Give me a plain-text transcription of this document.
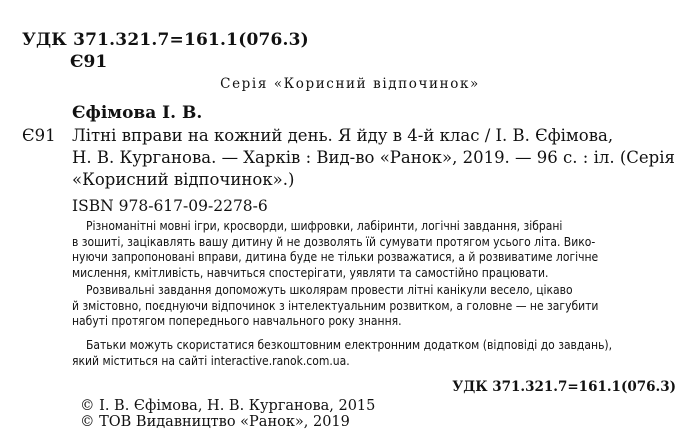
УДК 371.321.7=161.1(076.3)
Є91
Серія «Корисний відпочинок»
Єфімова І. В.
Є91 Літні вправи на кожний день. Я йду в 4-й клас / І. В. Єфімова,
Н. В. Курганова. — Харків : Вид-во «Ранок», 2019. — 96 с. : іл. (Серія
«Корисний відпочинок».)
ISBN 978-617-09-2278-6
Різноманітні мовні ігри, кросворди, шифровки, лабіринти, логічні завдання, зібрані
в зошиті, зацікавлять вашу дитину й не дозволять їй сумувати протягом усього літа. Вико-
нуючи запропоновані вправи, дитина буде не тільки розважатися, а й розвиватиме логічне
мислення, кмітливість, навчиться спостерігати, уявляти та самостійно працювати.
Розвивальні завдання допоможуть школярам провести літні канікули весело, цікаво
й змістовно, поєднуючи відпочинок з інтелектуальним розвитком, а головне — не загубити
набуті протягом попереднього навчального року знання.
Батьки можуть скористатися безкоштовним електронним додатком (відповіді до завдань),
який міститься на сайті interactive.ranok.com.ua.
УДК 371.321.7=161.1(076.3)
© І. В. Єфімова, Н. В. Курганова, 2015
© ТОВ Видавництво «Ранок», 2019
